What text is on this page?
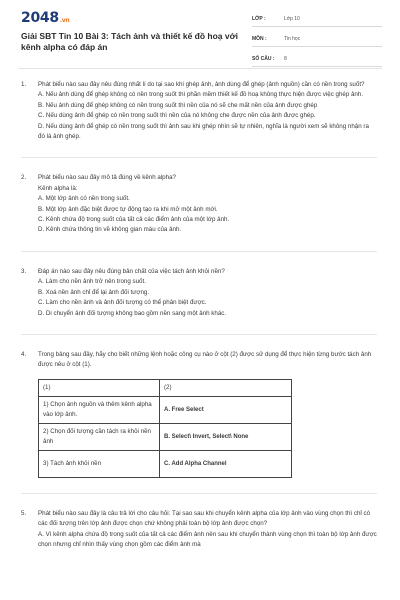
2048.vn
Giải SBT Tin 10 Bài 3: Tách ảnh và thiết kế đồ hoạ với kênh alpha có đáp án
LỚP :	Lớp 10
MÔN :	Tin học
SỐ CÂU : 8
1. Phát biểu nào sau đây nêu đúng nhất lí do tại sao khi ghép ảnh, ảnh dùng để ghép (ảnh nguồn) cần có nền trong suốt?
A. Nếu ảnh dùng để ghép không có nền trong suốt thì phần mềm thiết kế đồ hoạ không thực hiện được việc ghép ảnh.
B. Nếu ảnh dùng để ghép không có nền trong suốt thì nền của nó sẽ che mất nền của ảnh được ghép
C. Nếu dùng ảnh để ghép có nền trong suốt thì nền của nó không che được nền của ảnh được ghép.
D. Nếu dùng ảnh để ghép có nền trong suốt thì ảnh sau khi ghép nhìn sẽ tự nhiên, nghĩa là người xem sẽ không nhận ra đó là ảnh ghép.
2. Phát biểu nào sau đây mô tả đúng về kênh alpha?
Kênh alpha là:
A. Một lớp ảnh có nền trong suốt.
B. Một lớp ảnh đặc biệt được tự động tạo ra khi mở một ảnh mới.
C. Kênh chứa độ trong suốt của tất cả các điểm ảnh của một lớp ảnh.
D. Kênh chứa thông tin về không gian màu của ảnh.
3. Đáp án nào sau đây nêu đúng bản chất của việc tách ảnh khỏi nền?
A. Làm cho nền ảnh trở nên trong suốt.
B. Xoá nền ảnh chỉ để lại ảnh đối tượng.
C. Làm cho nền ảnh và ảnh đối tượng có thể phân biệt được.
D. Di chuyển ảnh đối tượng không bao gồm nền sang một ảnh khác.
4. Trong bảng sau đây, hãy cho biết những lệnh hoặc công cụ nào ở cột (2) được sử dụng để thực hiện từng bước tách ảnh được nêu ở cột (1).
(1)	(2)
1) Chọn ảnh nguồn và thêm kênh alpha vào lớp ảnh.	A. Free Select
2) Chọn đối tượng cần tách ra khỏi nền ảnh	B. Select\ Invert, Select\ None
3) Tách ảnh khỏi nền	C. Add Alpha Channel
5. Phát biểu nào sau đây là câu trả lời cho câu hỏi: Tại sao sau khi chuyển kênh alpha của lớp ảnh vào vùng chọn thì chỉ có các đối tượng trên lớp ảnh được chọn chứ không phải toàn bộ lớp ảnh được chọn?
A. Vì kênh alpha chứa độ trong suốt của tất cả các điểm ảnh nên sau khi chuyển thành vùng chọn thì toàn bộ lớp ảnh được chọn nhưng chỉ nhìn thấy vùng chọn gồm các điểm ảnh mà
